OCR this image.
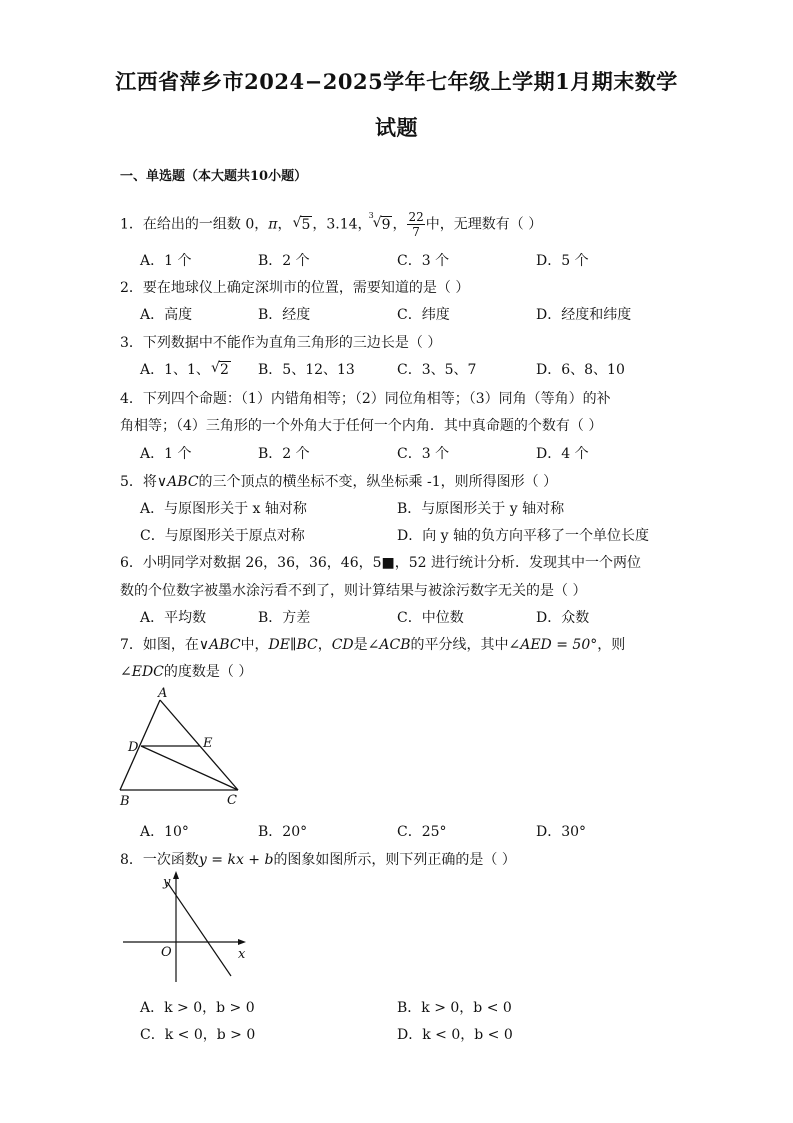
江西省萍乡市2024−2025学年七年级上学期1月期末数学
试题
一、单选题（本大题共10小题）
1．在给出的一组数 0，π， √ 5 ，3.14，
3
√ 9 ， $\frac{22}{7}$ 中，无理数有（ ）
A．1 个	B．2 个	C．3 个	D．5 个
2．要在地球仪上确定深圳市的位置，需要知道的是（ ）
A．高度	B．经度	C．纬度	D．经度和纬度
3．下列数据中不能作为直角三角形的三边长是（ ）
A．1、1、 √ 2 B．5、12、13	C．3、5、7	D．6、8、10
4．下列四个命题：（1）内错角相等；（2）同位角相等；（3）同角（等角）的补
角相等；（4）三角形的一个外角大于任何一个内角．其中真命题的个数有（ ）
A．1 个	B．2 个	C．3 个	D．4 个
5．将∨ABC的三个顶点的横坐标不变，纵坐标乘 -1，则所得图形（ ）
A．与原图形关于 x 轴对称	B．与原图形关于 y 轴对称
C．与原图形关于原点对称	D．向 y 轴的负方向平移了一个单位长度
6．小明同学对数据 26，36，36，46，5■，52 进行统计分析．发现其中一个两位
数的个位数字被墨水涂污看不到了，则计算结果与被涂污数字无关的是（ ）
A．平均数	B．方差	C．中位数	D．众数
7．如图，在∨ABC中，DE∥BC，CD是∠ACB的平分线，其中∠AED = 50°，则
∠EDC的度数是（ ）
A
D	E
B	C
A．10°	B．20°	C．25°	D．30°
8．一次函数y = kx + b的图象如图所示，则下列正确的是（ ）
y
O	x
A．k > 0，b > 0	B．k > 0，b < 0
C．k < 0，b > 0	D．k < 0，b < 0
